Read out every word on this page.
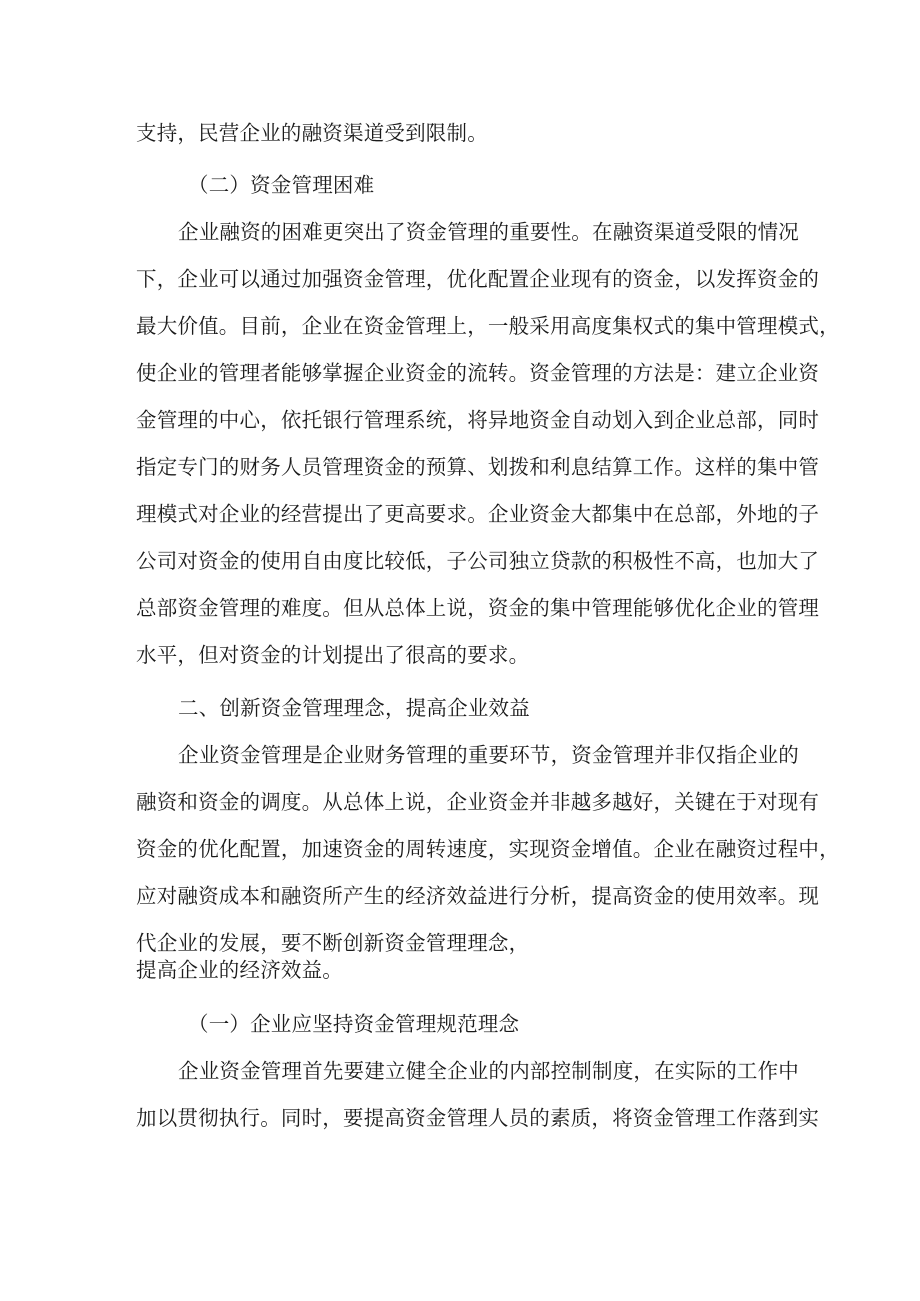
支持，民营企业的融资渠道受到限制。
（二）资金管理困难
企业融资的困难更突出了资金管理的重要性。在融资渠道受限的情况
下，企业可以通过加强资金管理，优化配置企业现有的资金，以发挥资金的
最大价值。目前，企业在资金管理上，一般采用高度集权式的集中管理模式，
使企业的管理者能够掌握企业资金的流转。资金管理的方法是：建立企业资
金管理的中心，依托银行管理系统，将异地资金自动划入到企业总部，同时
指定专门的财务人员管理资金的预算、划拨和利息结算工作。这样的集中管
理模式对企业的经营提出了更高要求。企业资金大都集中在总部，外地的子
公司对资金的使用自由度比较低，子公司独立贷款的积极性不高，也加大了
总部资金管理的难度。但从总体上说，资金的集中管理能够优化企业的管理
水平，但对资金的计划提出了很高的要求。
二、创新资金管理理念，提高企业效益
企业资金管理是企业财务管理的重要环节，资金管理并非仅指企业的
融资和资金的调度。从总体上说，企业资金并非越多越好，关键在于对现有
资金的优化配置，加速资金的周转速度，实现资金增值。企业在融资过程中，
应对融资成本和融资所产生的经济效益进行分析，提高资金的使用效率。现
代企业的发展，要不断创新资金管理理念，
提高企业的经济效益。
（一）企业应坚持资金管理规范理念
企业资金管理首先要建立健全企业的内部控制制度，在实际的工作中
加以贯彻执行。同时，要提高资金管理人员的素质，将资金管理工作落到实
